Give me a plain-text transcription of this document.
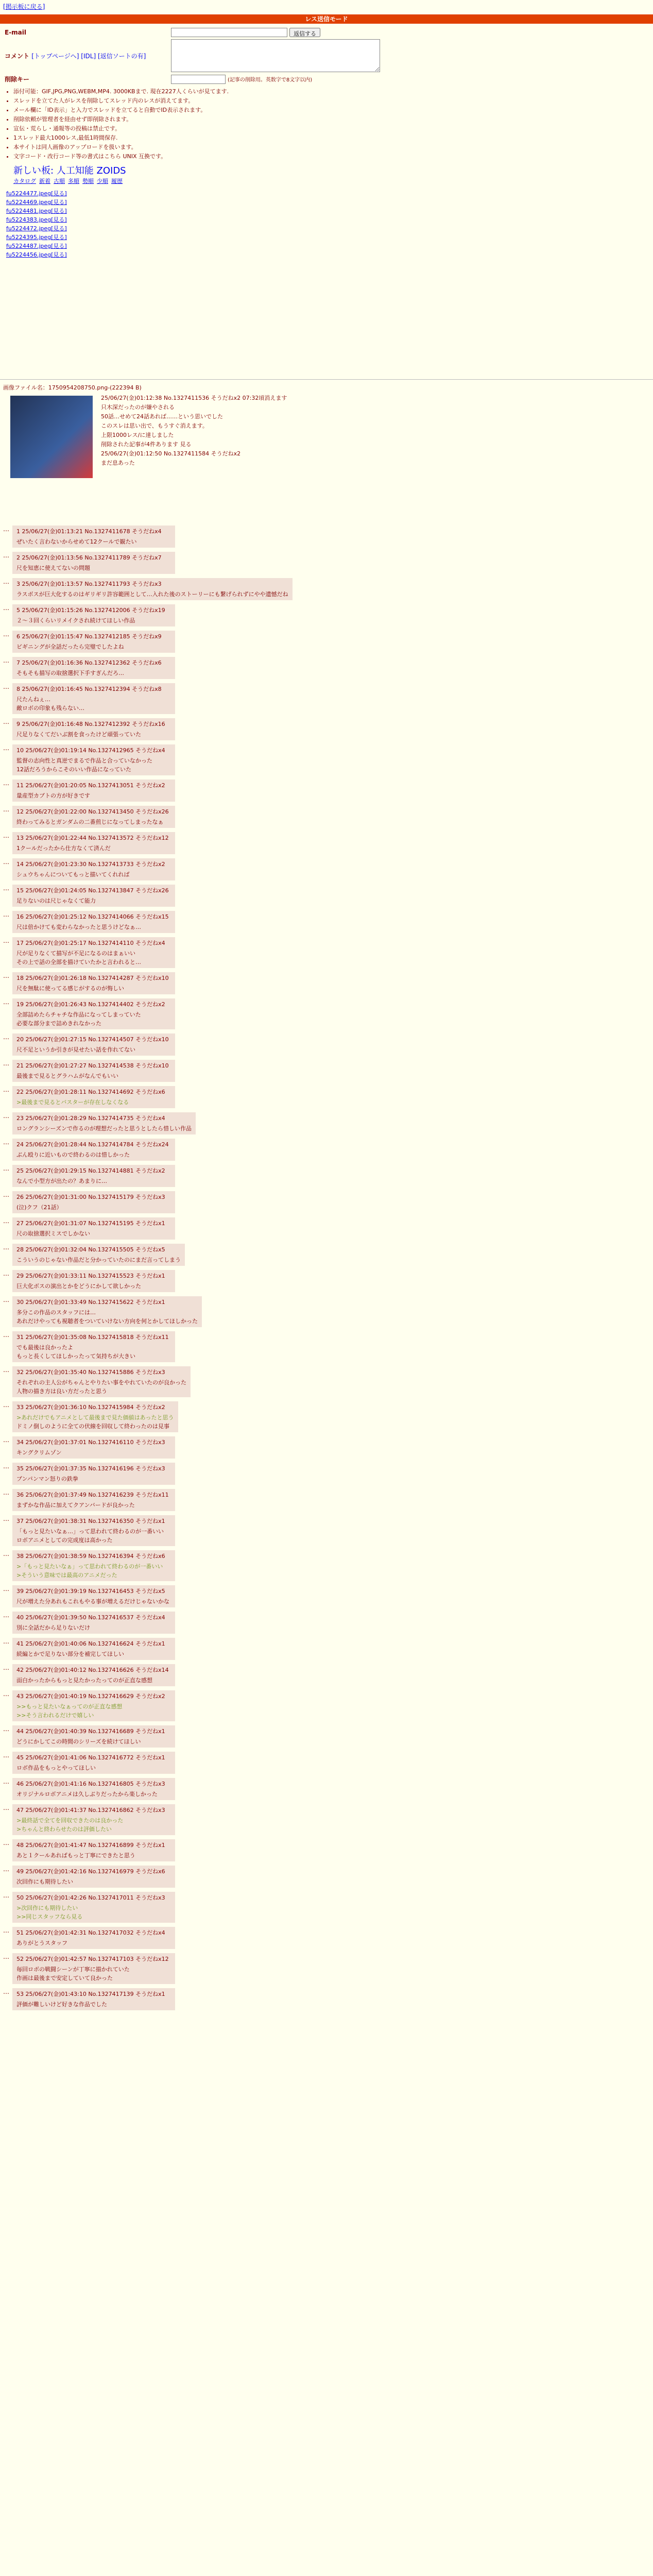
[掲示板に戻る]
レス送信モード
E-mail	返信する
コメント [トップページへ] [IDL] [返信ソートの有]
削除キー	(記事の削除用。英数字で8文字以内)
• 添付可能：GIF,JPG,PNG,WEBM,MP4. 3000KBまで. 現在2227人くらいが見てます.
• スレッドを立てた人がレスを削除してスレッド内のレスが消えてます。
• メール欄に「ID表示」と入力でスレッドを立てると自動でID表示されます。
• 削除依頼が管理者を経由せず即削除されます。
• 宣伝・荒らし・通報等の投稿は禁止です。
• 1スレッド最大1000レス,最低1時間保存.
• 本サイトは同人画像のアップロードを扱います。
• 文字コード・改行コード等の書式はこちら UNIX 互換です。
新しい板: 人工知能 ZOIDS
カタログ 新着 古順 多順 勢順 少順 履歴
fu5224477.jpeg[見る]
fu5224469.jpeg[見る]
fu5224481.jpeg[見る]
fu5224383.jpeg[見る]
fu5224472.jpeg[見る]
fu5224395.jpeg[見る]
fu5224487.jpeg[見る]
fu5224456.jpeg[見る]
画像ファイル名：1750954208750.png-(222394 B)
25/06/27(金)01:12:38 No.1327411536 そうだねx2 07:32頃消えます
只木深だったのが嫌やされる
50話…せめて24話あれば……という思いでした
このスレは思い出で、もうすぐ消えます。
上限1000レス/に達しました
削除された記事が4件あります 見る
25/06/27(金)01:12:50 No.1327411584 そうだねx2
まだ息あった
…	1 25/06/27(金)01:13:21 No.1327411678 そうだねx4
ぜいたく言わないからせめて12クールで観たい
…	2 25/06/27(金)01:13:56 No.1327411789 そうだねx7
尺を知恵に使えてないの問題
…	3 25/06/27(金)01:13:57 No.1327411793 そうだねx3
ラスボスが巨大化するのはギリギリ許容範囲として…入れた後のストーリーにも繋げられずにやや遺憾だね
…	5 25/06/27(金)01:15:26 No.1327412006 そうだねx19
２〜３回くらいリメイクされ続けてほしい作品
…	6 25/06/27(金)01:15:47 No.1327412185 そうだねx9
ビギニングが全話だったら完璧でしたよね
…	7 25/06/27(金)01:16:36 No.1327412362 そうだねx6
そもそも描写の取捨選択下手すぎんだろ…
…	8 25/06/27(金)01:16:45 No.1327412394 そうだねx8
尺たんねぇ…
敵ロボの印象も残らない…
…	9 25/06/27(金)01:16:48 No.1327412392 そうだねx16
尺足りなくてだいぶ割を食ったけど頑張っていた
…	10 25/06/27(金)01:19:14 No.1327412965 そうだねx4
監督の志向性と真逆でまるで作品と合っていなかった
12話だろうからこそのいい作品になっていた
…	11 25/06/27(金)01:20:05 No.1327413051 そうだねx2
量産型カブトの方が好きです
…	12 25/06/27(金)01:22:00 No.1327413450 そうだねx26
終わってみるとガンダムの二番煎じになってしまったなぁ
…	13 25/06/27(金)01:22:44 No.1327413572 そうだねx12
1クールだったから仕方なくて済んだ
…	14 25/06/27(金)01:23:30 No.1327413733 そうだねx2
シュウちゃんについてもっと描いてくれれば
…	15 25/06/27(金)01:24:05 No.1327413847 そうだねx26
足りないのは尺じゃなくて能力
…	16 25/06/27(金)01:25:12 No.1327414066 そうだねx15
尺は倍かけても変わらなかったと思うけどなぁ…
…	17 25/06/27(金)01:25:17 No.1327414110 そうだねx4
尺が足りなくて描写が不足になるのはまぁいい
その上で話の全部を描けていたかと言われると…
…	18 25/06/27(金)01:26:18 No.1327414287 そうだねx10
尺を無駄に使ってる感じがするのが悔しい
…	19 25/06/27(金)01:26:43 No.1327414402 そうだねx2
全部詰めたらチャチな作品になってしまっていた
必要な部分まで詰めきれなかった
…	20 25/06/27(金)01:27:15 No.1327414507 そうだねx10
尺不足というか引きが見せたい話を作れてない
…	21 25/06/27(金)01:27:27 No.1327414538 そうだねx10
最後まで見るとグラハムがなんでもいい
…	22 25/06/27(金)01:28:11 No.1327414692 そうだねx6
>最後まで見るとバスターが存在しなくなる
…	23 25/06/27(金)01:28:29 No.1327414735 そうだねx4
ロングランシーズンで作るのが理想だったと思うとしたら惜しい作品
…	24 25/06/27(金)01:28:44 No.1327414784 そうだねx24
ぶん殴りに近いもので終わるのは惜しかった
…	25 25/06/27(金)01:29:15 No.1327414881 そうだねx2
なんで小型方が出たの？あまりに…
…	26 25/06/27(金)01:31:00 No.1327415179 そうだねx3
(泣)クフ（21話）
…	27 25/06/27(金)01:31:07 No.1327415195 そうだねx1
尺の取捨選択ミスでしかない
…	28 25/06/27(金)01:32:04 No.1327415505 そうだねx5
こういうのじゃない作品だと分かっていたのにまだ言ってしまう
…	29 25/06/27(金)01:33:11 No.1327415523 そうだねx1
巨大化ボスの演出とかをどうにかして欲しかった
…	30 25/06/27(金)01:33:49 No.1327415622 そうだねx1
多分この作品のスタッフには…
あれだけやっても視聴者をついていけない方向を何とかしてほしかった
…	31 25/06/27(金)01:35:08 No.1327415818 そうだねx11
でも最後は良かったよ
もっと長くしてほしかったって気持ちが大きい
…	32 25/06/27(金)01:35:40 No.1327415886 そうだねx3
それぞれの主人公がちゃんとやりたい事をやれていたのが良かった
人物の描き方は良い方だったと思う
…	33 25/06/27(金)01:36:10 No.1327415984 そうだねx2
>あれだけでもアニメとして最後まで見た価値はあったと思う
ドミノ倒しのように全ての伏線を回収して終わったのは見事
…	34 25/06/27(金)01:37:01 No.1327416110 そうだねx3
キングクリムゾン
…	35 25/06/27(金)01:37:35 No.1327416196 そうだねx3
ブンパンマン怒りの鉄拳
…	36 25/06/27(金)01:37:49 No.1327416239 そうだねx11
まずかな作品に加えてクアンバードが良かった
…	37 25/06/27(金)01:38:31 No.1327416350 そうだねx1
「もっと見たいなぁ…」って思われて終わるのが一番いい
ロボアニメとしての完成度は高かった
…	38 25/06/27(金)01:38:59 No.1327416394 そうだねx6
>「もっと見たいなぁ」って思われて終わるのが一番いい
>そういう意味では最高のアニメだった
…	39 25/06/27(金)01:39:19 No.1327416453 そうだねx5
尺が増えた分あれもこれもやる事が増えるだけじゃないかな
…	40 25/06/27(金)01:39:50 No.1327416537 そうだねx4
別に全話だから足りないだけ
…	41 25/06/27(金)01:40:06 No.1327416624 そうだねx1
続編とかで足りない部分を補完してほしい
…	42 25/06/27(金)01:40:12 No.1327416626 そうだねx14
面白かったからもっと見たかったってのが正直な感想
…	43 25/06/27(金)01:40:19 No.1327416629 そうだねx2
>>もっと見たいなぁってのが正直な感想
>>そう言われるだけで嬉しい
…	44 25/06/27(金)01:40:39 No.1327416689 そうだねx1
どうにかしてこの時間のシリーズを続けてほしい
…	45 25/06/27(金)01:41:06 No.1327416772 そうだねx1
ロボ作品をもっとやってほしい
…	46 25/06/27(金)01:41:16 No.1327416805 そうだねx3
オリジナルロボアニメは久しぶりだったから楽しかった
…	47 25/06/27(金)01:41:37 No.1327416862 そうだねx3
>最終話で全てを回収できたのは良かった
>ちゃんと終わらせたのは評価したい
…	48 25/06/27(金)01:41:47 No.1327416899 そうだねx1
あと１クールあればもっと丁寧にできたと思う
…	49 25/06/27(金)01:42:16 No.1327416979 そうだねx6
次回作にも期待したい
…	50 25/06/27(金)01:42:26 No.1327417011 そうだねx3
>次回作にも期待したい
>>同じスタッフなら見る
…	51 25/06/27(金)01:42:31 No.1327417032 そうだねx4
ありがとうスタッフ
…	52 25/06/27(金)01:42:57 No.1327417103 そうだねx12
毎回ロボの戦闘シーンが丁寧に描かれていた
作画は最後まで安定していて良かった
…	53 25/06/27(金)01:43:10 No.1327417139 そうだねx1
評価が難しいけど好きな作品でした
